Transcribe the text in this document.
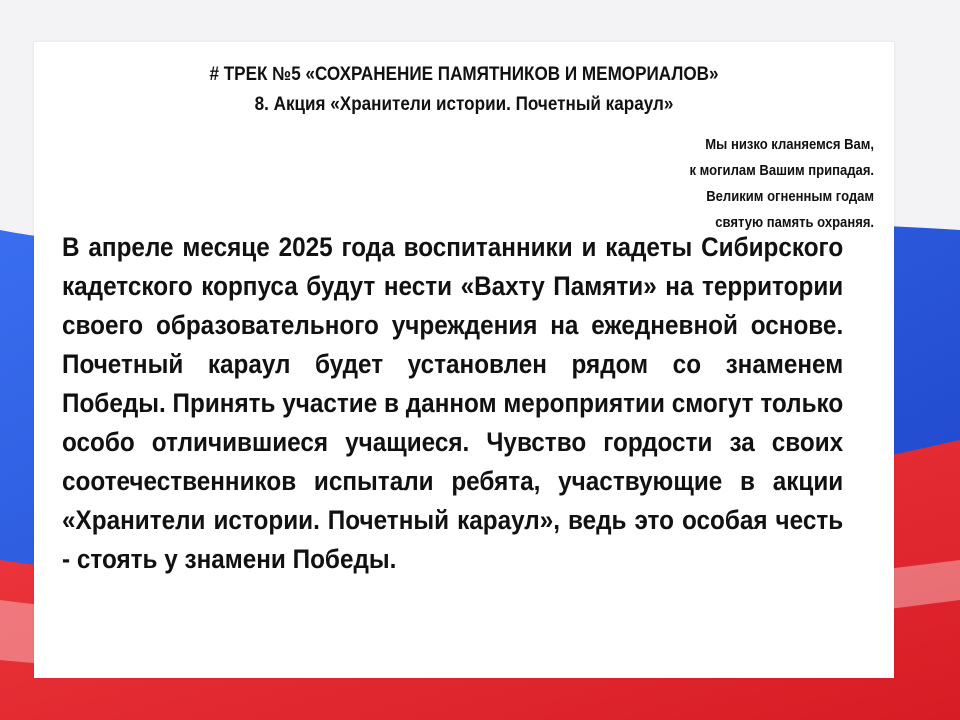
# ТРЕК №5 «СОХРАНЕНИЕ ПАМЯТНИКОВ И МЕМОРИАЛОВ»
8. Акция «Хранители истории. Почетный караул»
Мы низко кланяемся Вам,
к могилам Вашим припадая.
Великим огненным годам
святую память охраняя.

В апреле месяце 2025 года воспитанники и кадеты Сибирского кадетского корпуса будут нести «Вахту Памяти» на территории своего образовательного учреждения на ежедневной основе. Почетный караул будет установлен рядом со знаменем Победы. Принять участие в данном мероприятии смогут только особо отличившиеся учащиеся. Чувство гордости за своих соотечественников испытали ребята, участвующие в акции «Хранители истории. Почетный караул», ведь это особая честь - стоять у знамени Победы.
